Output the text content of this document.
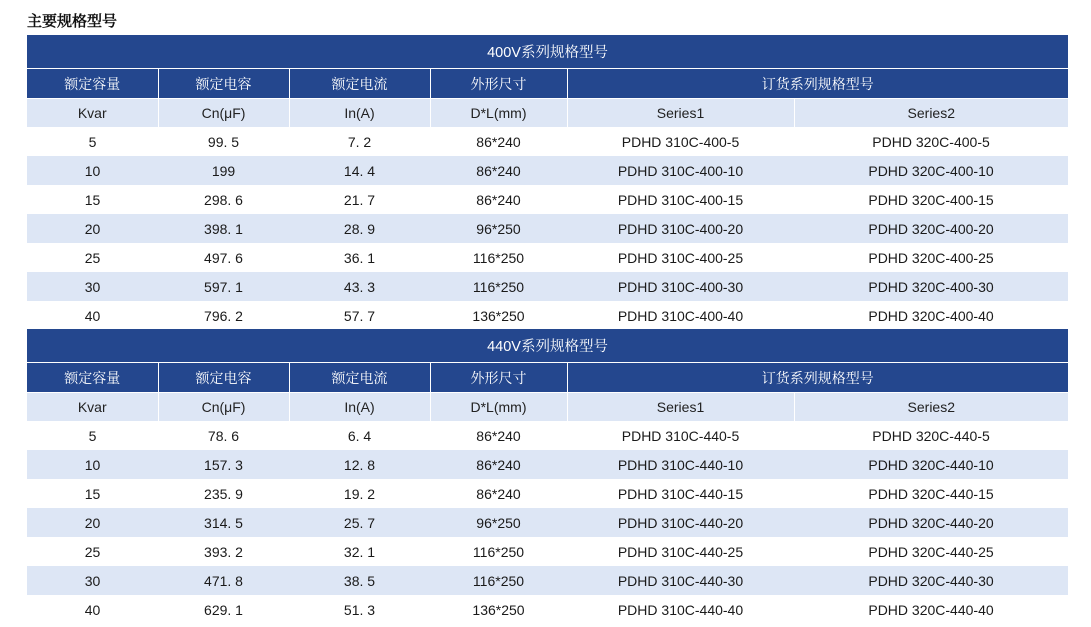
主要规格型号
400V系列规格型号					
额定容量	额定电容	额定电流	外形尺寸	订货系列规格型号	
Kvar	Cn(μF)	In(A)	D*L(mm)	Series1	Series2
5	99. 5	7. 2	86*240	PDHD 310C-400-5	PDHD 320C-400-5
10	199	14. 4	86*240	PDHD 310C-400-10	PDHD 320C-400-10
15	298. 6	21. 7	86*240	PDHD 310C-400-15	PDHD 320C-400-15
20	398. 1	28. 9	96*250	PDHD 310C-400-20	PDHD 320C-400-20
25	497. 6	36. 1	116*250	PDHD 310C-400-25	PDHD 320C-400-25
30	597. 1	43. 3	116*250	PDHD 310C-400-30	PDHD 320C-400-30
40	796. 2	57. 7	136*250	PDHD 310C-400-40	PDHD 320C-400-40
440V系列规格型号					
额定容量	额定电容	额定电流	外形尺寸	订货系列规格型号	
Kvar	Cn(μF)	In(A)	D*L(mm)	Series1	Series2
5	78. 6	6. 4	86*240	PDHD 310C-440-5	PDHD 320C-440-5
10	157. 3	12. 8	86*240	PDHD 310C-440-10	PDHD 320C-440-10
15	235. 9	19. 2	86*240	PDHD 310C-440-15	PDHD 320C-440-15
20	314. 5	25. 7	96*250	PDHD 310C-440-20	PDHD 320C-440-20
25	393. 2	32. 1	116*250	PDHD 310C-440-25	PDHD 320C-440-25
30	471. 8	38. 5	116*250	PDHD 310C-440-30	PDHD 320C-440-30
40	629. 1	51. 3	136*250	PDHD 310C-440-40	PDHD 320C-440-40
